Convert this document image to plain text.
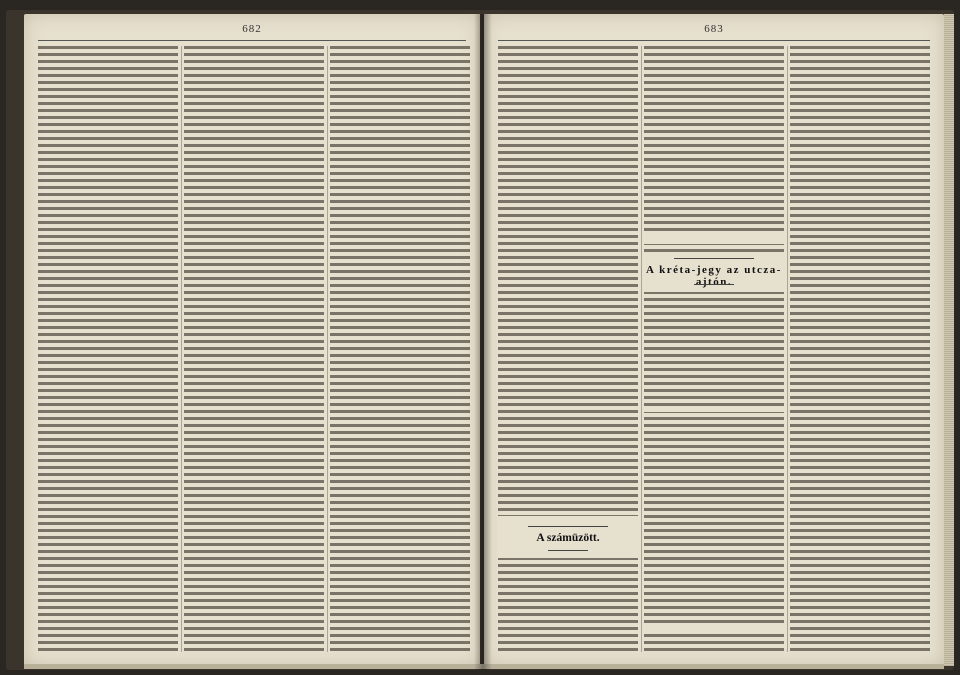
682	683
A számüzött.
A kréta-jegy az utcza-ajtón.
